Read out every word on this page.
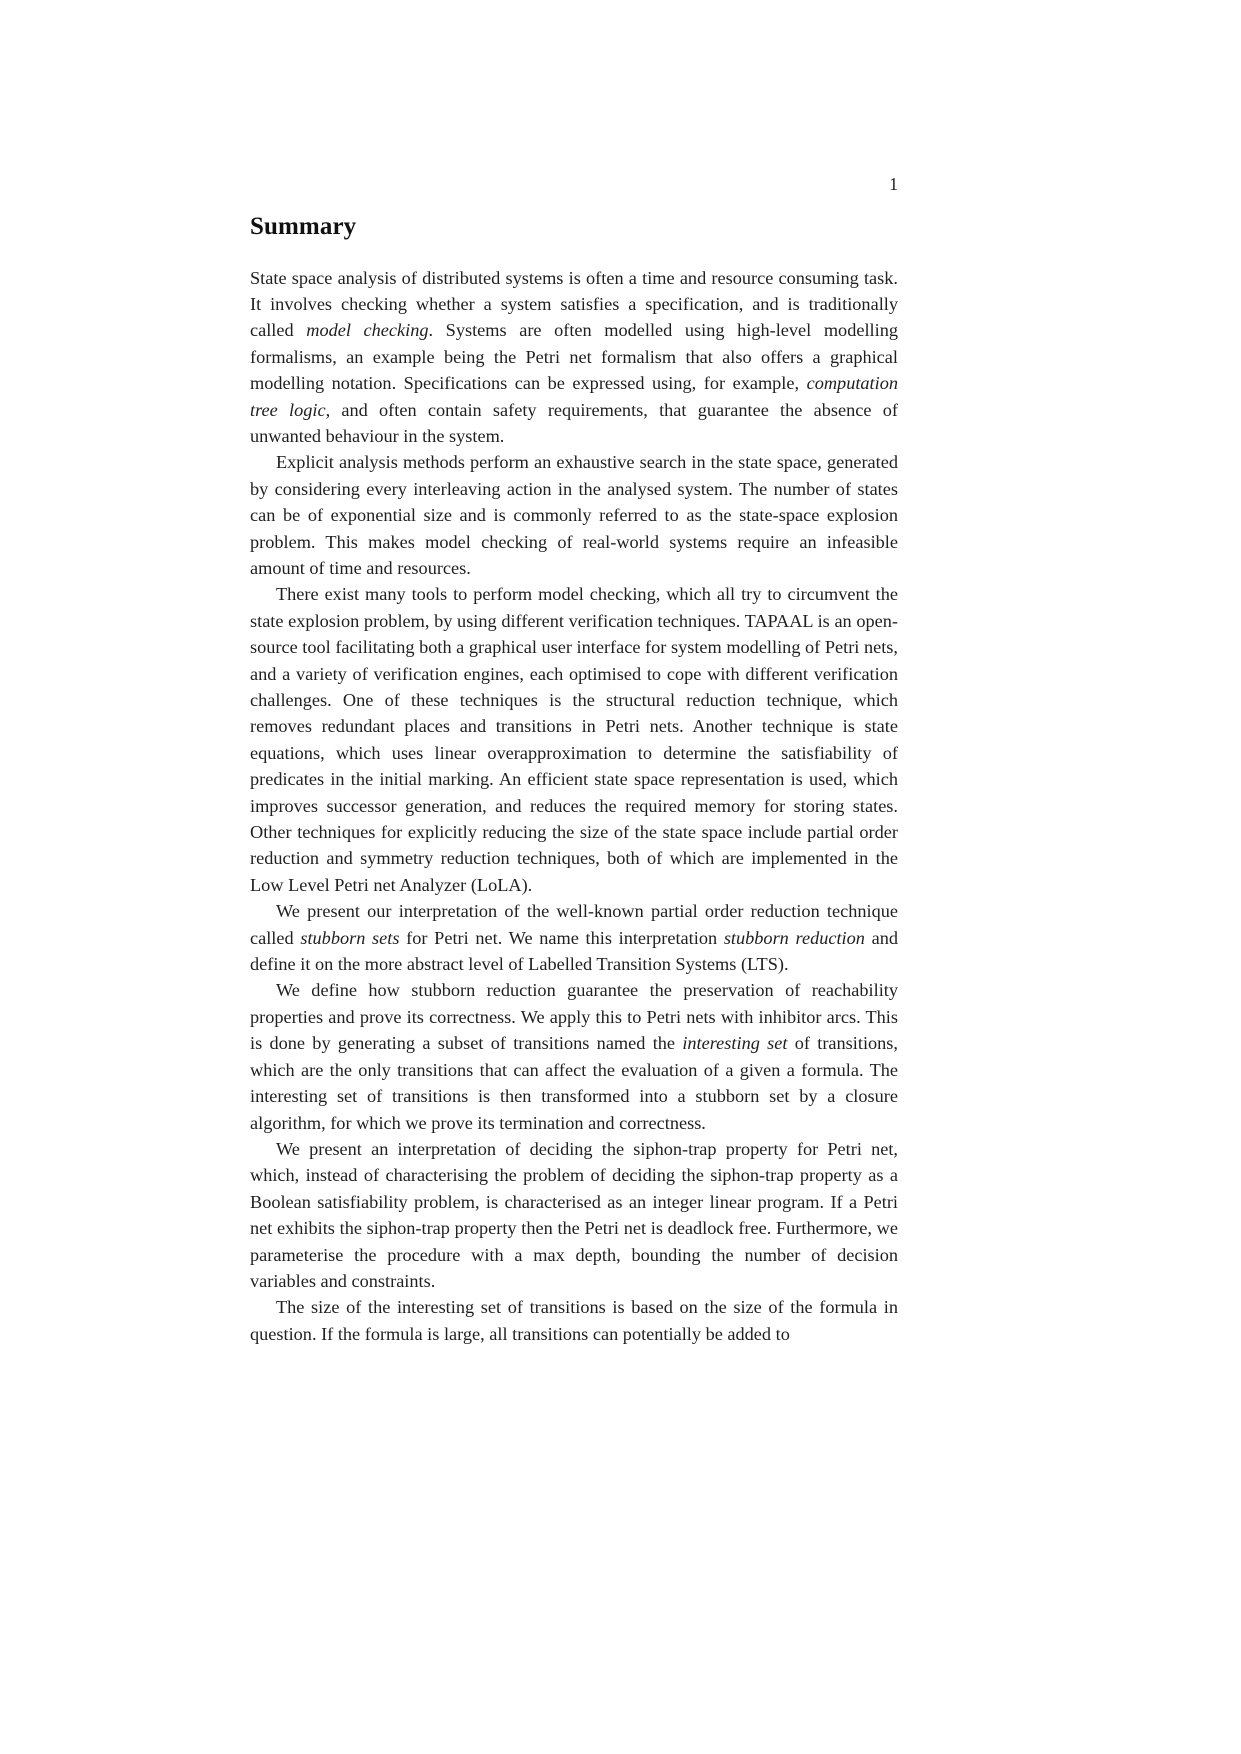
1
Summary

State space analysis of distributed systems is often a time and resource consuming task. It involves checking whether a system satisfies a specification, and is traditionally called model checking. Systems are often modelled using high-level modelling formalisms, an example being the Petri net formalism that also offers a graphical modelling notation. Specifications can be expressed using, for example, computation tree logic, and often contain safety requirements, that guarantee the absence of unwanted behaviour in the system.

Explicit analysis methods perform an exhaustive search in the state space, generated by considering every interleaving action in the analysed system. The number of states can be of exponential size and is commonly referred to as the state-space explosion problem. This makes model checking of real-world systems require an infeasible amount of time and resources.

There exist many tools to perform model checking, which all try to circumvent the state explosion problem, by using different verification techniques. TAPAAL is an open-source tool facilitating both a graphical user interface for system modelling of Petri nets, and a variety of verification engines, each optimised to cope with different verification challenges. One of these techniques is the structural reduction technique, which removes redundant places and transitions in Petri nets. Another technique is state equations, which uses linear overapproximation to determine the satisfiability of predicates in the initial marking. An efficient state space representation is used, which improves successor generation, and reduces the required memory for storing states. Other techniques for explicitly reducing the size of the state space include partial order reduction and symmetry reduction techniques, both of which are implemented in the Low Level Petri net Analyzer (LoLA).

We present our interpretation of the well-known partial order reduction technique called stubborn sets for Petri net. We name this interpretation stubborn reduction and define it on the more abstract level of Labelled Transition Systems (LTS).

We define how stubborn reduction guarantee the preservation of reachability properties and prove its correctness. We apply this to Petri nets with inhibitor arcs. This is done by generating a subset of transitions named the interesting set of transitions, which are the only transitions that can affect the evaluation of a given a formula. The interesting set of transitions is then transformed into a stubborn set by a closure algorithm, for which we prove its termination and correctness.

We present an interpretation of deciding the siphon-trap property for Petri net, which, instead of characterising the problem of deciding the siphon-trap property as a Boolean satisfiability problem, is characterised as an integer linear program. If a Petri net exhibits the siphon-trap property then the Petri net is deadlock free. Furthermore, we parameterise the procedure with a max depth, bounding the number of decision variables and constraints.

The size of the interesting set of transitions is based on the size of the formula in question. If the formula is large, all transitions can potentially be added to
